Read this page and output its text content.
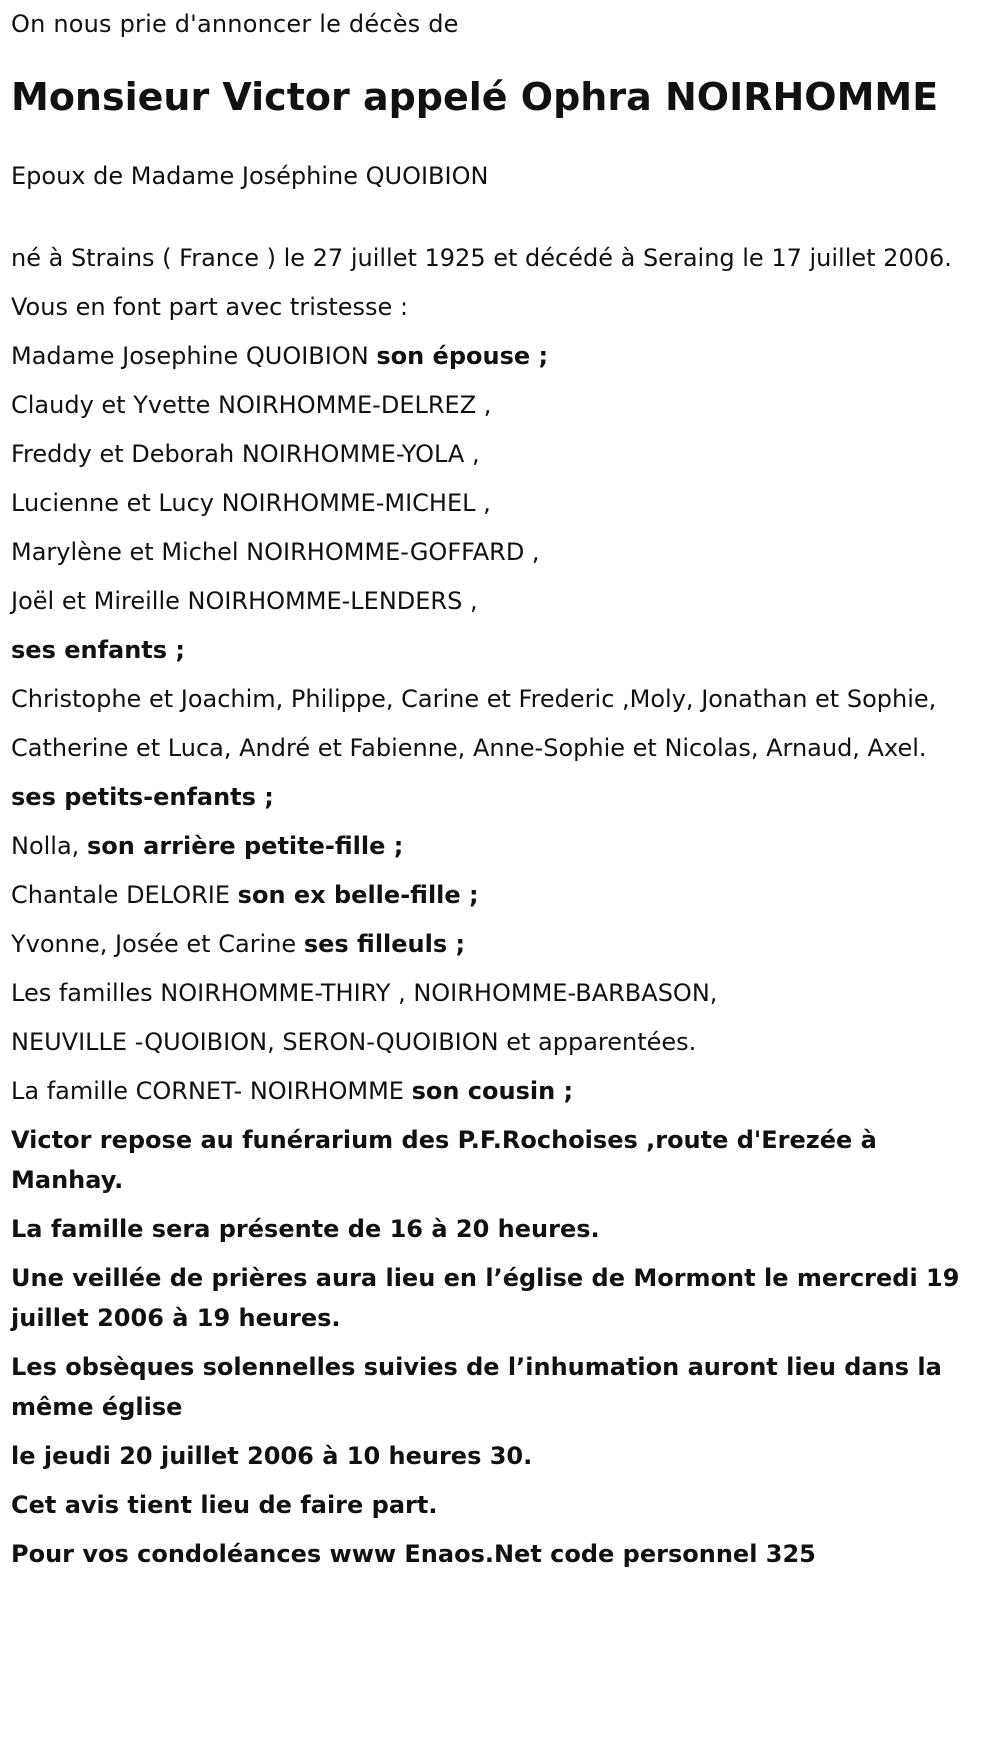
On nous prie d'annoncer le décès de
Monsieur Victor appelé Ophra NOIRHOMME
Epoux de Madame Joséphine QUOIBION
né à Strains ( France ) le 27 juillet 1925 et décédé à Seraing le 17 juillet 2006.
Vous en font part avec tristesse :
Madame Josephine QUOIBION son épouse ;
Claudy et Yvette NOIRHOMME-DELREZ ,
Freddy et Deborah NOIRHOMME-YOLA ,
Lucienne et Lucy NOIRHOMME-MICHEL ,
Marylène et Michel NOIRHOMME-GOFFARD ,
Joël et Mireille NOIRHOMME-LENDERS ,
ses enfants ;
Christophe et Joachim, Philippe, Carine et Frederic ,Moly, Jonathan et Sophie,
Catherine et Luca, André et Fabienne, Anne-Sophie et Nicolas, Arnaud, Axel.
ses petits-enfants ;
Nolla, son arrière petite-fille ;
Chantale DELORIE son ex belle-fille ;
Yvonne, Josée et Carine ses filleuls ;
Les familles NOIRHOMME-THIRY , NOIRHOMME-BARBASON,
NEUVILLE -QUOIBION, SERON-QUOIBION et apparentées.
La famille CORNET- NOIRHOMME son cousin ;
Victor repose au funérarium des P.F.Rochoises ,route d'Erezée à Manhay.
La famille sera présente de 16 à 20 heures.
Une veillée de prières aura lieu en l’église de Mormont le mercredi 19 juillet 2006 à 19 heures.
Les obsèques solennelles suivies de l’inhumation auront lieu dans la même église
le jeudi 20 juillet 2006 à 10 heures 30.
Cet avis tient lieu de faire part.
Pour vos condoléances www Enaos.Net code personnel 325
